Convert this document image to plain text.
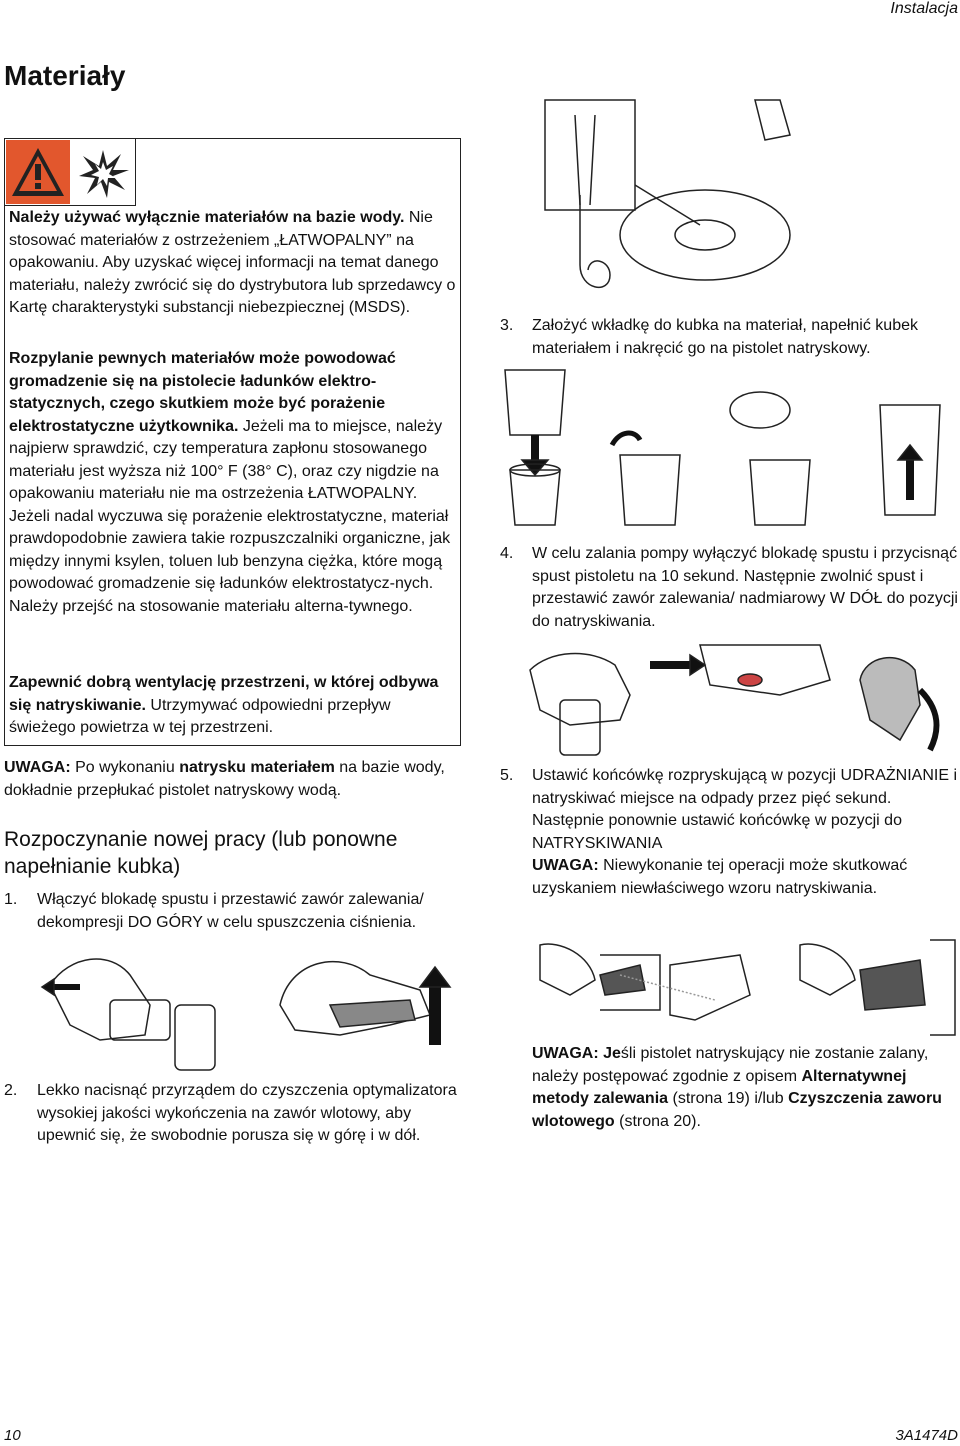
Instalacja
Materiały
Należy używać wyłącznie materiałów na bazie wody. Nie stosować materiałów z ostrzeżeniem „ŁATWOPALNY” na opakowaniu. Aby uzyskać więcej informacji na temat danego materiału, należy zwrócić się do dystrybutora lub sprzedawcy o Kartę charakterystyki substancji niebezpiecznej (MSDS).
Rozpylanie pewnych materiałów może powodować gromadzenie się na pistolecie ładunków elektro-statycznych, czego skutkiem może być porażenie elektrostatyczne użytkownika. Jeżeli ma to miejsce, należy najpierw sprawdzić, czy temperatura zapłonu stosowanego materiału jest wyższa niż 100° F (38° C), oraz czy nigdzie na opakowaniu materiału nie ma ostrzeżenia ŁATWOPALNY. Jeżeli nadal wyczuwa się porażenie elektrostatyczne, materiał prawdopodobnie zawiera takie rozpuszczalniki organiczne, jak między innymi ksylen, toluen lub benzyna ciężka, które mogą powodować gromadzenie się ładunków elektrostatycz-nych. Należy przejść na stosowanie materiału alterna-tywnego.
Zapewnić dobrą wentylację przestrzeni, w której odbywa się natryskiwanie. Utrzymywać odpowiedni przepływ świeżego powietrza w tej przestrzeni.
UWAGA: Po wykonaniu natrysku materiałem na bazie wody, dokładnie przepłukać pistolet natryskowy wodą.
Rozpoczynanie nowej pracy (lub ponowne napełnianie kubka)
1. Włączyć blokadę spustu i przestawić zawór zalewania/ dekompresji DO GÓRY w celu spuszczenia ciśnienia.
2. Lekko nacisnąć przyrządem do czyszczenia optymalizatora wysokiej jakości wykończenia na zawór wlotowy, aby upewnić się, że swobodnie porusza się w górę i w dół.
3. Założyć wkładkę do kubka na materiał, napełnić kubek materiałem i nakręcić go na pistolet natryskowy.
4. W celu zalania pompy wyłączyć blokadę spustu i przycisnąć spust pistoletu na 10 sekund. Następnie zwolnić spust i przestawić zawór zalewania/ nadmiarowy W DÓŁ do pozycji do natryskiwania.
5. Ustawić końcówkę rozpryskującą w pozycji UDRAŻNIANIE i natryskiwać miejsce na odpady przez pięć sekund. Następnie ponownie ustawić końcówkę w pozycji do NATRYSKIWANIA
UWAGA: Niewykonanie tej operacji może skutkować uzyskaniem niewłaściwego wzoru natryskiwania.
UWAGA: Jeśli pistolet natryskujący nie zostanie zalany, należy postępować zgodnie z opisem Alternatywnej metody zalewania (strona 19) i/lub Czyszczenia zaworu wlotowego (strona 20).
10	3A1474D
